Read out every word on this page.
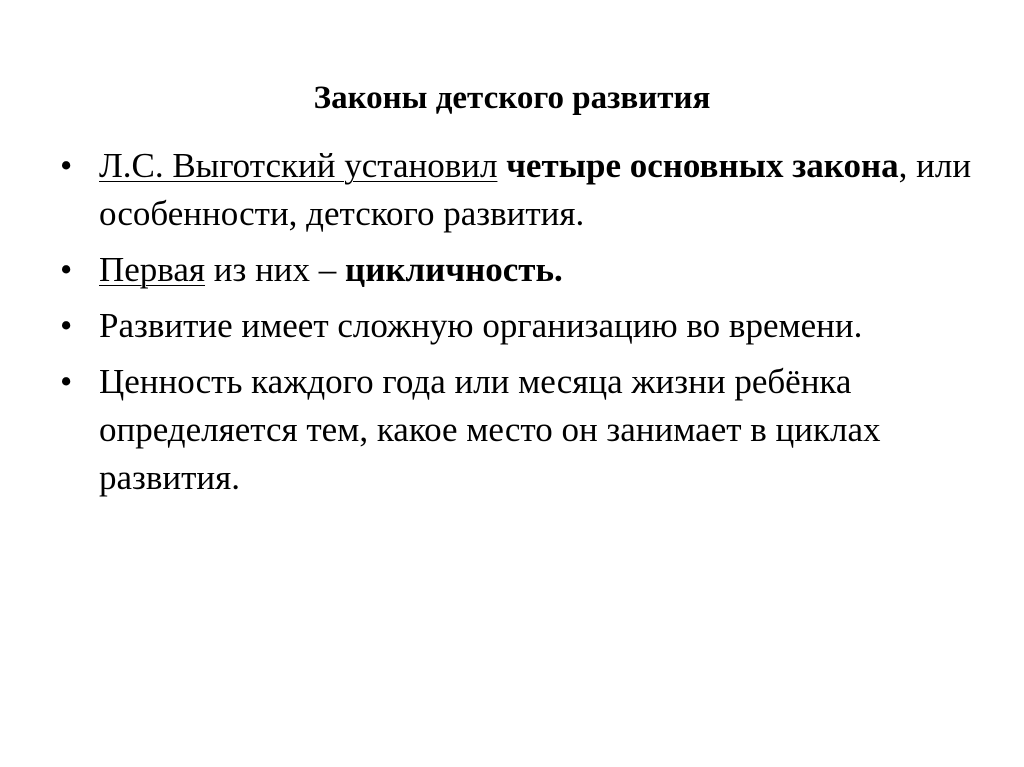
Законы детского развития
• Л.С. Выготский установил четыре основных закона, или особенности, детского развития.
• Первая из них – цикличность.
• Развитие имеет сложную организацию во времени.
• Ценность каждого года или месяца жизни ребёнка определяется тем, какое место он занимает в циклах развития.
